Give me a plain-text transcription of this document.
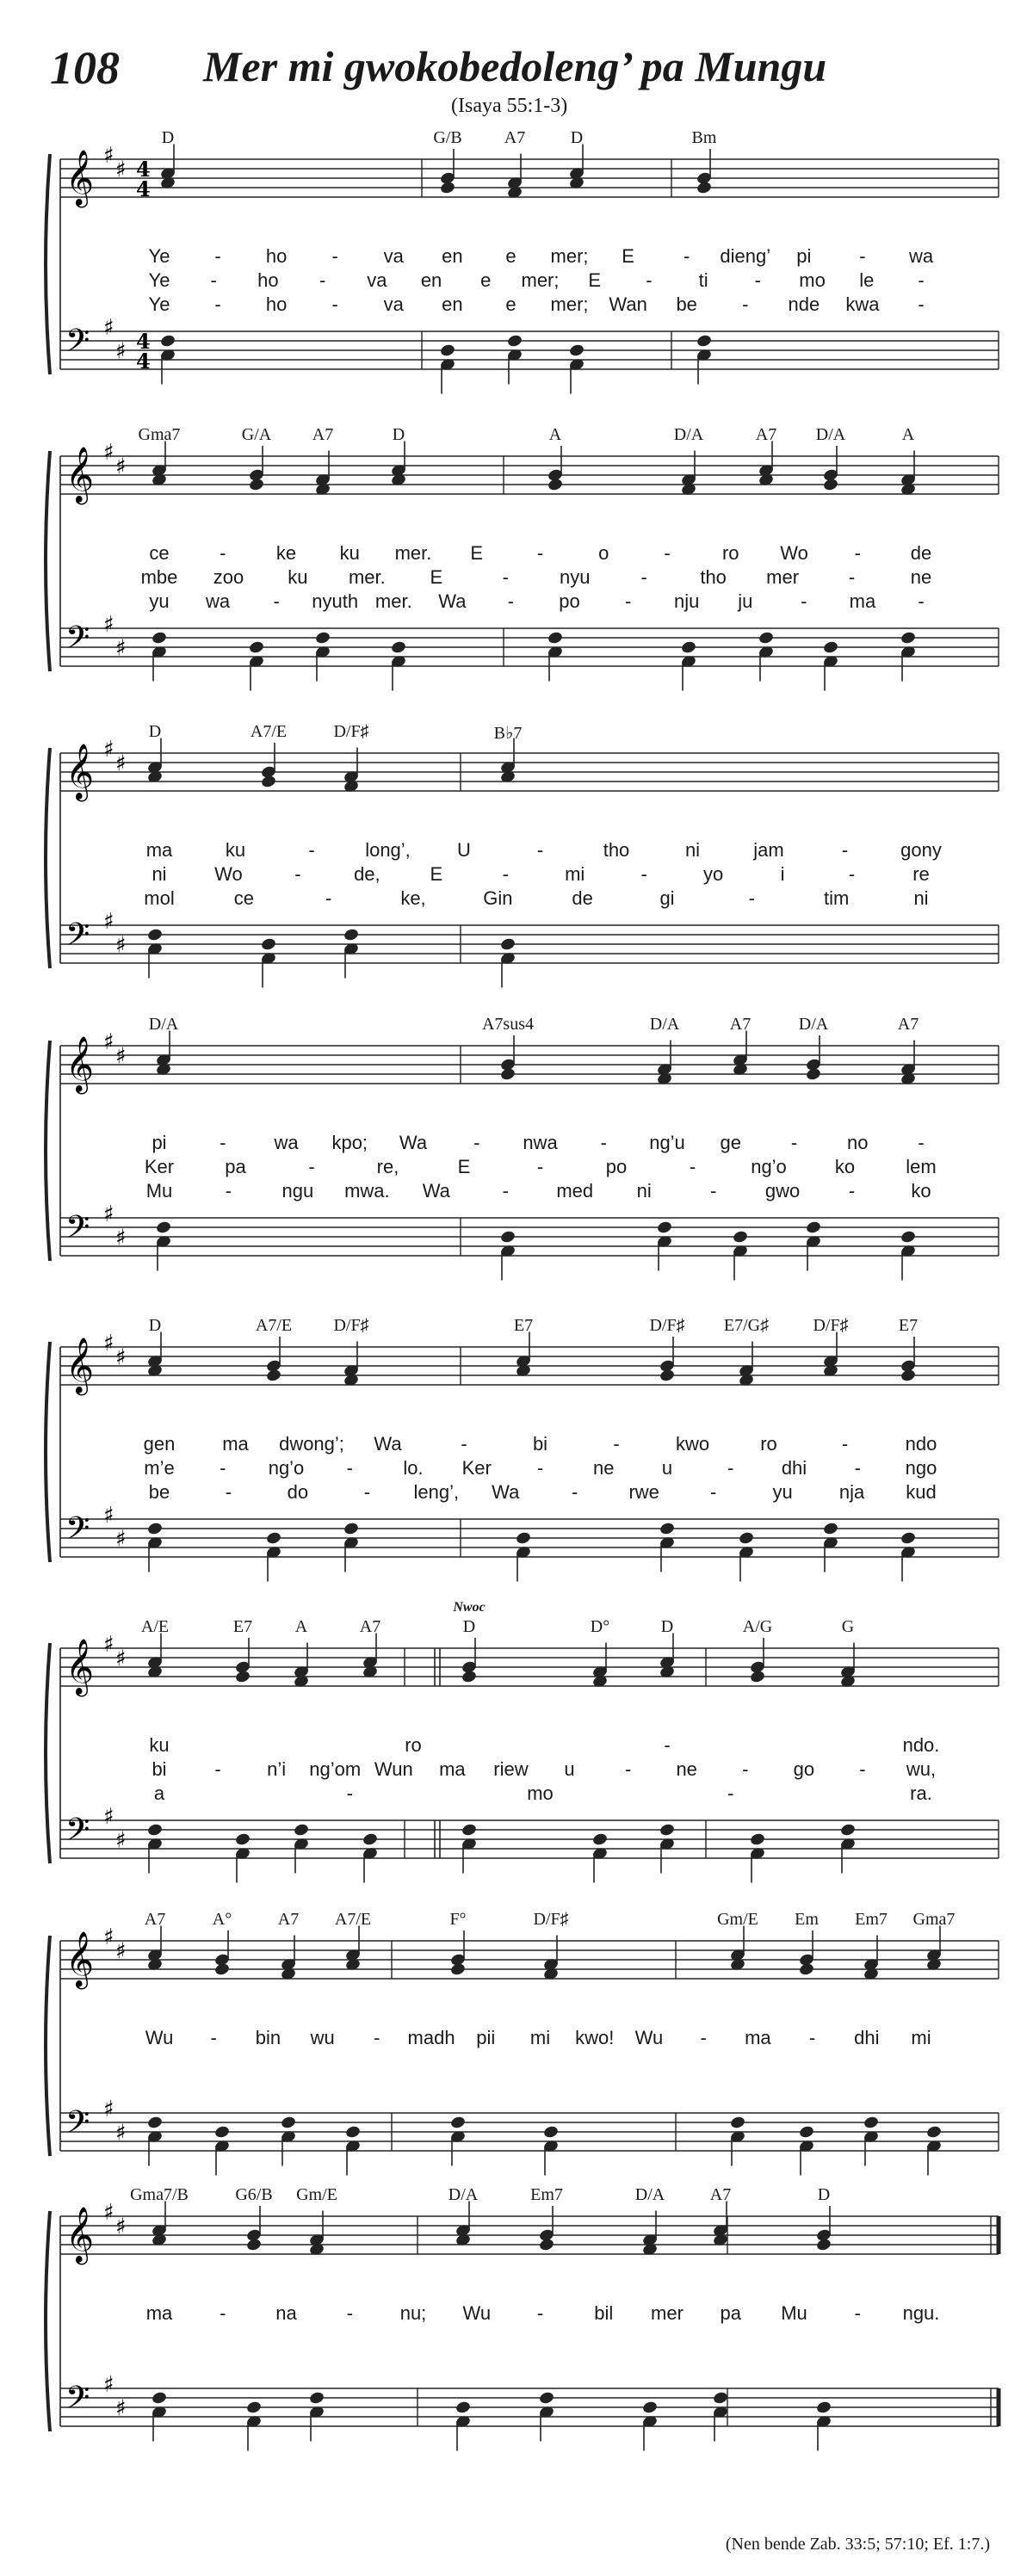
108 Mer mi gwokobedoleng’ pa Mungu
(Isaya 55:1-3)
𝄞
𝄢
♯
♯
♯
♯
4
4
4
4
D	G/B A7	D	Bm
Ye - ho - va en e mer; E	- dieng’ pi	- wa
Ye - ho - va en e mer; E - ti - mo le -
Ye - ho - va en e mer; Wan be - nde kwa -
𝄞
𝄢
♯
♯
♯
♯
Gma7	G/A A7	D	A	D/A	A7 D/A	A
ce	-	ke ku mer. E	-	o	-	ro Wo -	de
mbe zoo ku mer. E	-	nyu	-	tho mer	-	ne
yu wa - nyuth mer. Wa - po - nju ju	- ma -
𝄞
𝄢
♯
♯
♯
♯
D	A7/E	D/F♯	B♭7
ma	ku	-	long’, U	-	tho	ni	jam	-	gony
ni	Wo	-	de,	E	-	mi	-	yo	i	-	re
mol	ce	-	ke,	Gin	de	gi	-	tim	ni
𝄞
𝄢
♯
♯
♯
♯
D/A	A7sus4	D/A	A7	D/A	A7
pi	-	wa kpo; Wa - nwa - ng’u ge	-	no	-
Ker	pa	-	re,	E	-	po	-	ng’o	ko	lem
Mu	-	ngu mwa. Wa	-	med ni	-	gwo	-	ko
𝄞
𝄢
♯
♯
♯
♯
D	A7/E D/F♯	E7	D/F♯ E7/G♯	D/F♯	E7
gen ma dwong’; Wa	-	bi	-	kwo	ro	-	ndo
m’e - ng’o -	lo. Ker -	ne	u	-	dhi	- ngo
be	-	do	- leng’, Wa	-	rwe	-	yu nja kud
𝄞
𝄢
♯
♯
♯
♯
Nwoc
A/E	E7 A	A7	D	D°	D	A/G	G
ku	ro	-	ndo.
bi	- n’i ng’om Wun ma riew u	- ne - go - wu,
a	-	mo	-	ra.
𝄞
𝄢
♯
♯
♯
♯
A7	A°	A7 A7/E	F°	D/F♯	Gm/E Em Em7 Gma7
Wu - bin wu - madh pii mi kwo! Wu - ma - dhi mi
𝄞
𝄢
♯
♯
♯
♯
Gma7/B	G6/B Gm/E	D/A	Em7	D/A	A7	D
ma -	na	- nu; Wu -	bil mer pa Mu - ngu.
(Nen bende Zab. 33:5; 57:10; Ef. 1:7.)
